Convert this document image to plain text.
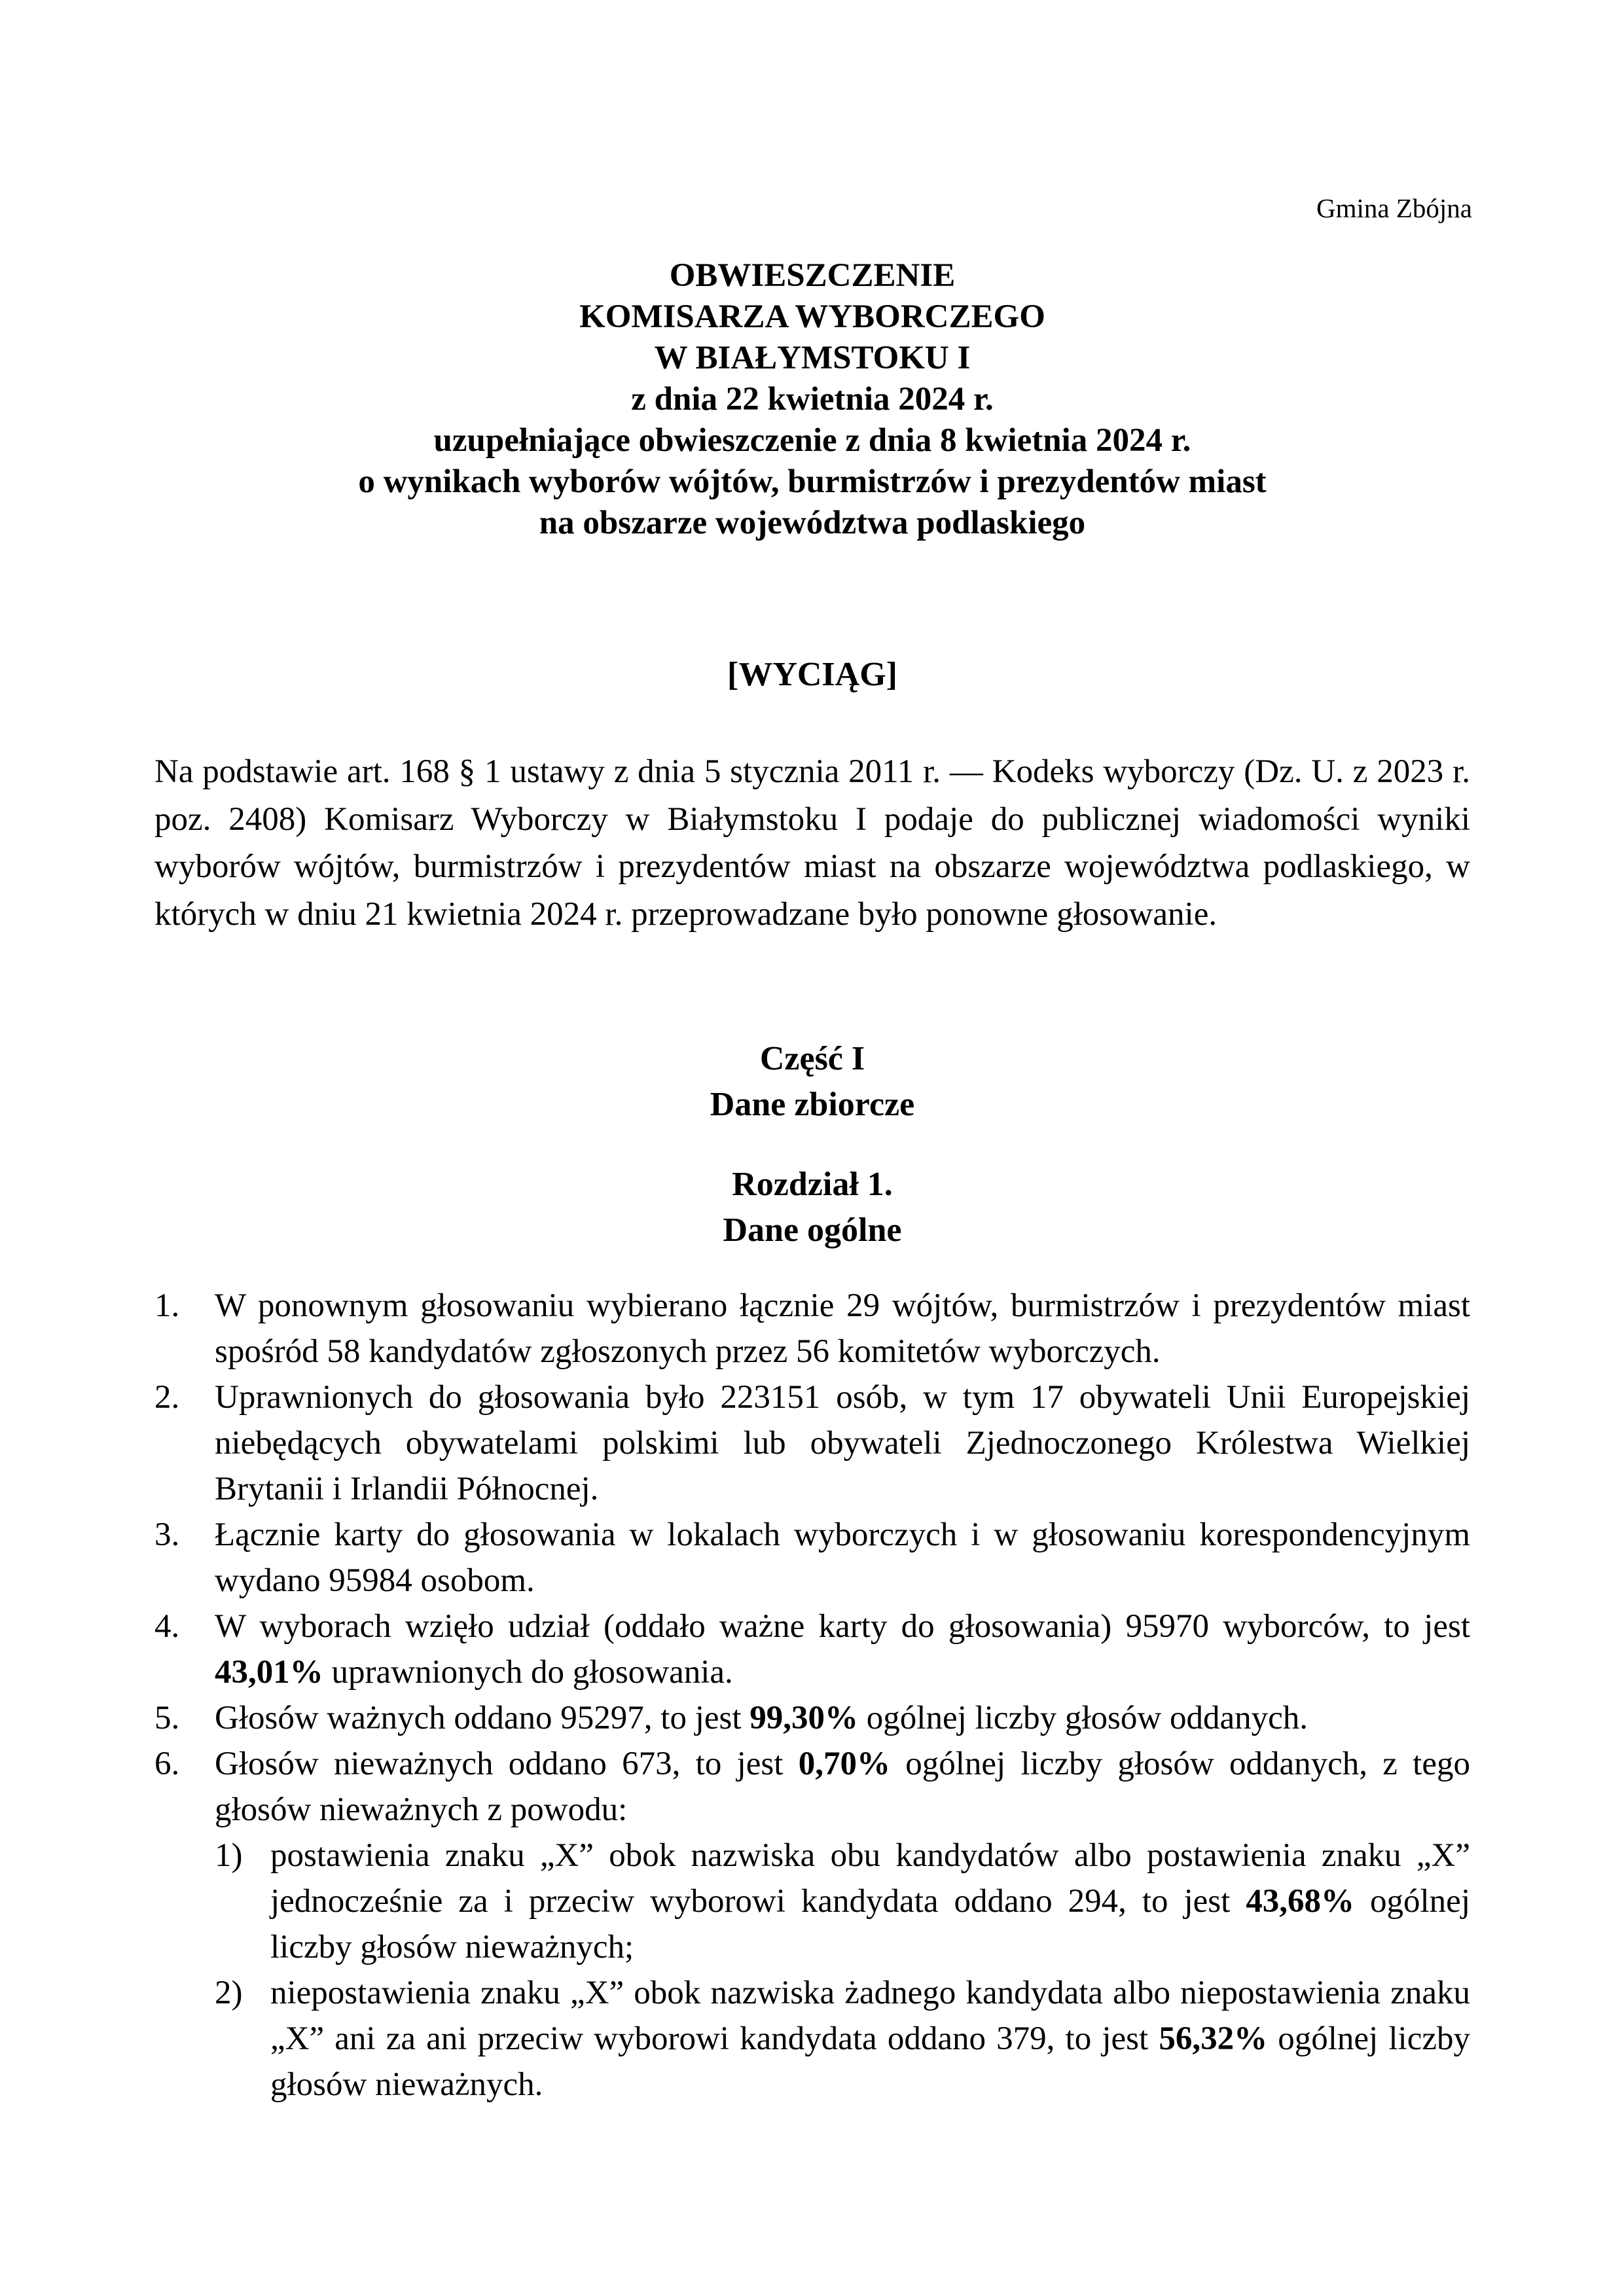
Gmina Zbójna
OBWIESZCZENIE
KOMISARZA WYBORCZEGO
W BIAŁYMSTOKU I
z dnia 22 kwietnia 2024 r.
uzupełniające obwieszczenie z dnia 8 kwietnia 2024 r.
o wynikach wyborów wójtów, burmistrzów i prezydentów miast
na obszarze województwa podlaskiego
[WYCIĄG]
Na podstawie art. 168 § 1 ustawy z dnia 5 stycznia 2011 r. — Kodeks wyborczy (Dz. U. z 2023 r. poz. 2408) Komisarz Wyborczy w Białymstoku I podaje do publicznej wiadomości wyniki wyborów wójtów, burmistrzów i prezydentów miast na obszarze województwa podlaskiego, w których w dniu 21 kwietnia 2024 r. przeprowadzane było ponowne głosowanie.
Część I
Dane zbiorcze
Rozdział 1.
Dane ogólne
1. W ponownym głosowaniu wybierano łącznie 29 wójtów, burmistrzów i prezydentów miast spośród 58 kandydatów zgłoszonych przez 56 komitetów wyborczych.
2. Uprawnionych do głosowania było 223151 osób, w tym 17 obywateli Unii Europejskiej niebędących obywatelami polskimi lub obywateli Zjednoczonego Królestwa Wielkiej Brytanii i Irlandii Północnej.
3. Łącznie karty do głosowania w lokalach wyborczych i w głosowaniu korespondencyjnym wydano 95984 osobom.
4. W wyborach wzięło udział (oddało ważne karty do głosowania) 95970 wyborców, to jest 43,01% uprawnionych do głosowania.
5. Głosów ważnych oddano 95297, to jest 99,30% ogólnej liczby głosów oddanych.
6. Głosów nieważnych oddano 673, to jest 0,70% ogólnej liczby głosów oddanych, z tego głosów nieważnych z powodu:
1) postawienia znaku „X” obok nazwiska obu kandydatów albo postawienia znaku „X” jednocześnie za i przeciw wyborowi kandydata oddano 294, to jest 43,68% ogólnej liczby głosów nieważnych;
2) niepostawienia znaku „X” obok nazwiska żadnego kandydata albo niepostawienia znaku „X” ani za ani przeciw wyborowi kandydata oddano 379, to jest 56,32% ogólnej liczby głosów nieważnych.
